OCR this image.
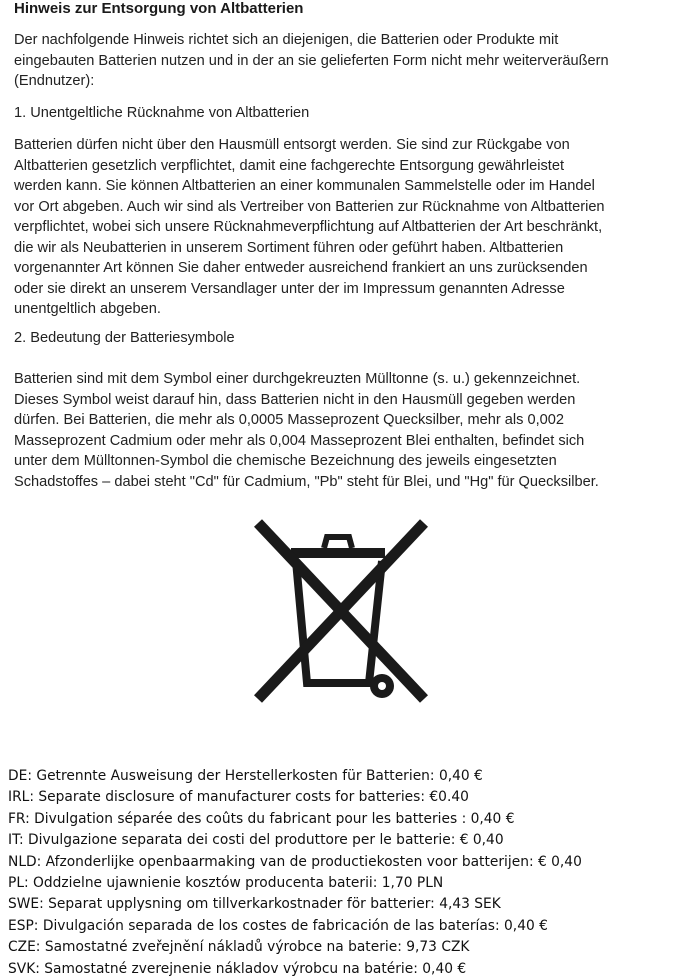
Hinweis zur Entsorgung von Altbatterien
Der nachfolgende Hinweis richtet sich an diejenigen, die Batterien oder Produkte mit
eingebauten Batterien nutzen und in der an sie gelieferten Form nicht mehr weiterveräußern
(Endnutzer):
1. Unentgeltliche Rücknahme von Altbatterien
Batterien dürfen nicht über den Hausmüll entsorgt werden. Sie sind zur Rückgabe von
Altbatterien gesetzlich verpflichtet, damit eine fachgerechte Entsorgung gewährleistet
werden kann. Sie können Altbatterien an einer kommunalen Sammelstelle oder im Handel
vor Ort abgeben. Auch wir sind als Vertreiber von Batterien zur Rücknahme von Altbatterien
verpflichtet, wobei sich unsere Rücknahmeverpflichtung auf Altbatterien der Art beschränkt,
die wir als Neubatterien in unserem Sortiment führen oder geführt haben. Altbatterien
vorgenannter Art können Sie daher entweder ausreichend frankiert an uns zurücksenden
oder sie direkt an unserem Versandlager unter der im Impressum genannten Adresse
unentgeltlich abgeben.
2. Bedeutung der Batteriesymbole
Batterien sind mit dem Symbol einer durchgekreuzten Mülltonne (s. u.) gekennzeichnet.
Dieses Symbol weist darauf hin, dass Batterien nicht in den Hausmüll gegeben werden
dürfen. Bei Batterien, die mehr als 0,0005 Masseprozent Quecksilber, mehr als 0,002
Masseprozent Cadmium oder mehr als 0,004 Masseprozent Blei enthalten, befindet sich
unter dem Mülltonnen-Symbol die chemische Bezeichnung des jeweils eingesetzten
Schadstoffes – dabei steht "Cd" für Cadmium, "Pb" steht für Blei, und "Hg" für Quecksilber.
DE: Getrennte Ausweisung der Herstellerkosten für Batterien: 0,40 €
IRL: Separate disclosure of manufacturer costs for batteries: €0.40
FR: Divulgation séparée des coûts du fabricant pour les batteries : 0,40 €
IT: Divulgazione separata dei costi del produttore per le batterie: € 0,40
NLD: Afzonderlijke openbaarmaking van de productiekosten voor batterijen: € 0,40
PL: Oddzielne ujawnienie kosztów producenta baterii: 1,70 PLN
SWE: Separat upplysning om tillverkarkostnader för batterier: 4,43 SEK
ESP: Divulgación separada de los costes de fabricación de las baterías: 0,40 €
CZE: Samostatné zveřejnění nákladů výrobce na baterie: 9,73 CZK
SVK: Samostatné zverejnenie nákladov výrobcu na batérie: 0,40 €
